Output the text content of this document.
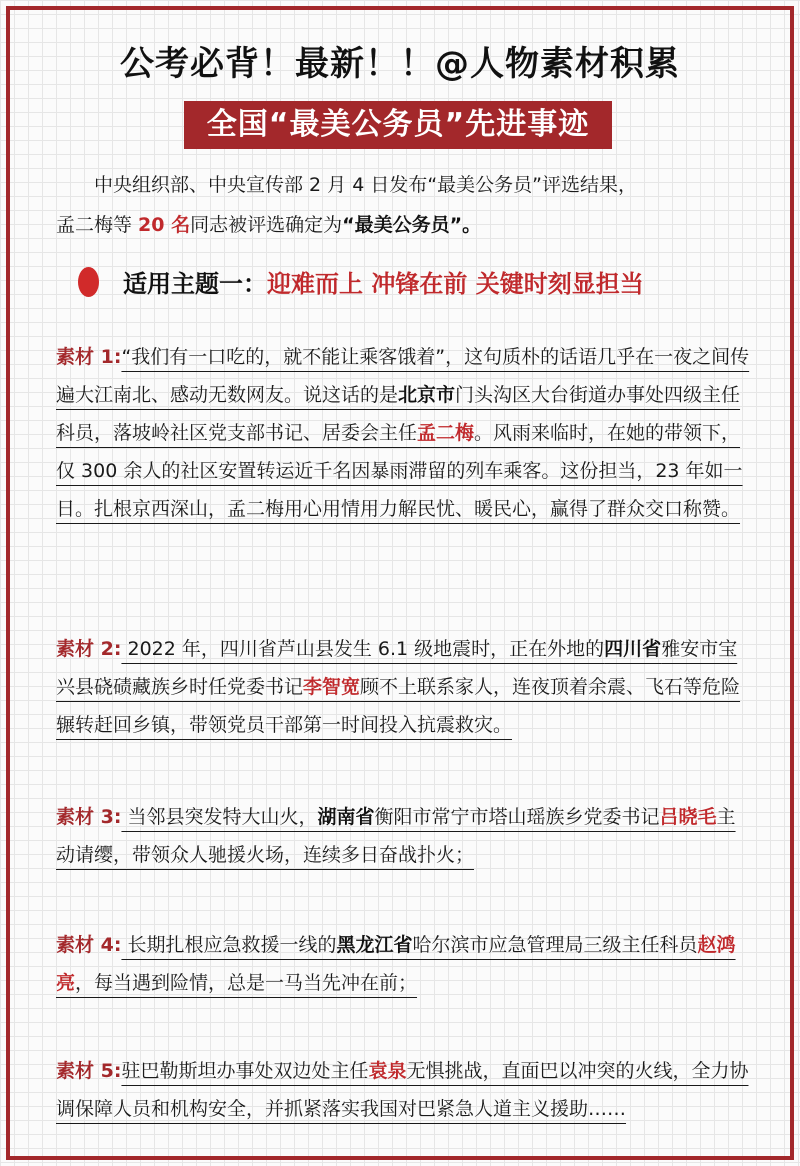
公考必背！最新！！@人物素材积累
全国“最美公务员”先进事迹
中央组织部、中央宣传部 2 月 4 日发布“最美公务员”评选结果，
孟二梅等 20 名同志被评选确定为“最美公务员”。
适用主题一： 迎难而上 冲锋在前 关键时刻显担当
素材 1:“我们有一口吃的，就不能让乘客饿着”，这句质朴的话语几乎在一夜之间传遍大江南北、感动无数网友。说这话的是北京市门头沟区大台街道办事处四级主任科员，落坡岭社区党支部书记、居委会主任孟二梅。风雨来临时，在她的带领下，仅 300 余人的社区安置转运近千名因暴雨滞留的列车乘客。这份担当，23 年如一日。扎根京西深山，孟二梅用心用情用力解民忧、暖民心，赢得了群众交口称赞。
素材 2: 2022 年，四川省芦山县发生 6.1 级地震时，正在外地的四川省雅安市宝兴县硗碛藏族乡时任党委书记李智宽顾不上联系家人，连夜顶着余震、飞石等危险辗转赶回乡镇，带领党员干部第一时间投入抗震救灾。
素材 3: 当邻县突发特大山火，湖南省衡阳市常宁市塔山瑶族乡党委书记吕晓毛主动请缨，带领众人驰援火场，连续多日奋战扑火；
素材 4: 长期扎根应急救援一线的黑龙江省哈尔滨市应急管理局三级主任科员赵鸿亮，每当遇到险情，总是一马当先冲在前；
素材 5:驻巴勒斯坦办事处双边处主任袁泉无惧挑战，直面巴以冲突的火线，全力协调保障人员和机构安全，并抓紧落实我国对巴紧急人道主义援助……
